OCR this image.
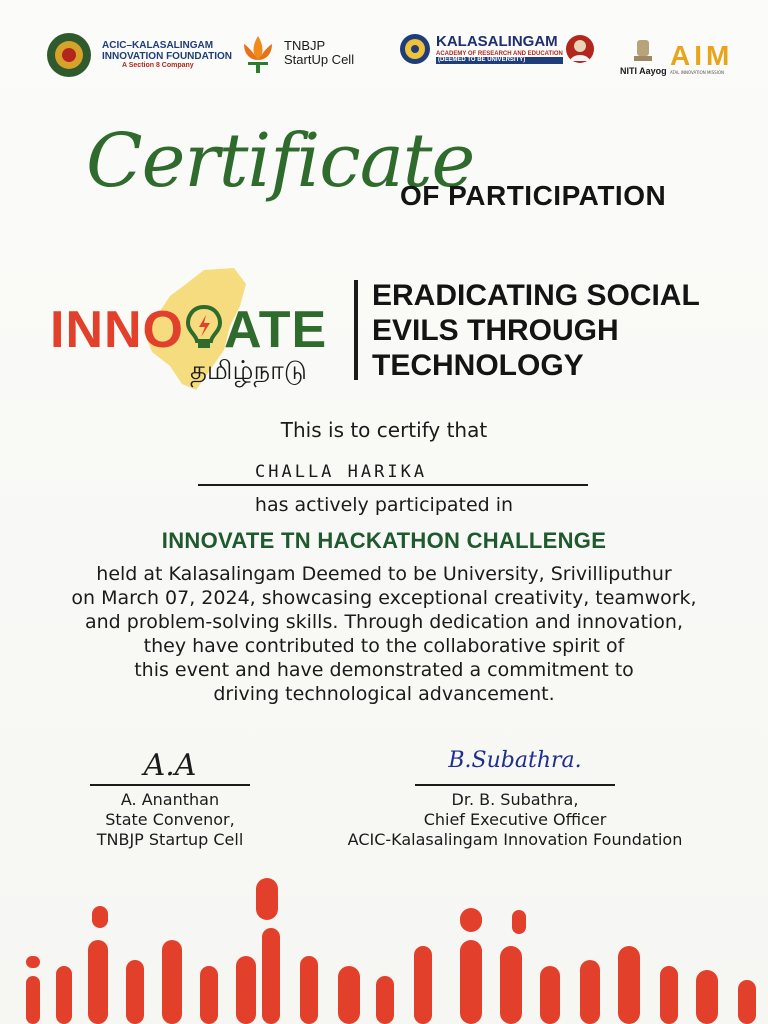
ACIC–KALASALINGAM
INNOVATION FOUNDATION
A Section 8 Company
TNBJP
StartUp Cell
KALASALINGAM
ACADEMY OF RESEARCH AND EDUCATION
(DEEMED TO BE UNIVERSITY)
NITI Aayog AIM
ATAL INNOVATION MISSION
Certificate
OF PARTICIPATION
INNO ATE
தமிழ்நாடு
ERADICATING SOCIAL
EVILS THROUGH
TECHNOLOGY
This is to certify that
CHALLA HARIKA
has actively participated in
INNOVATE TN HACKATHON CHALLENGE
held at Kalasalingam Deemed to be University, Srivilliputhur
on March 07, 2024, showcasing exceptional creativity, teamwork,
and problem-solving skills. Through dedication and innovation,
they have contributed to the collaborative spirit of
this event and have demonstrated a commitment to
driving technological advancement.
A.A
A. Ananthan
State Convenor,
TNBJP Startup Cell
B.Subathra.
Dr. B. Subathra,
Chief Executive Officer
ACIC-Kalasalingam Innovation Foundation
